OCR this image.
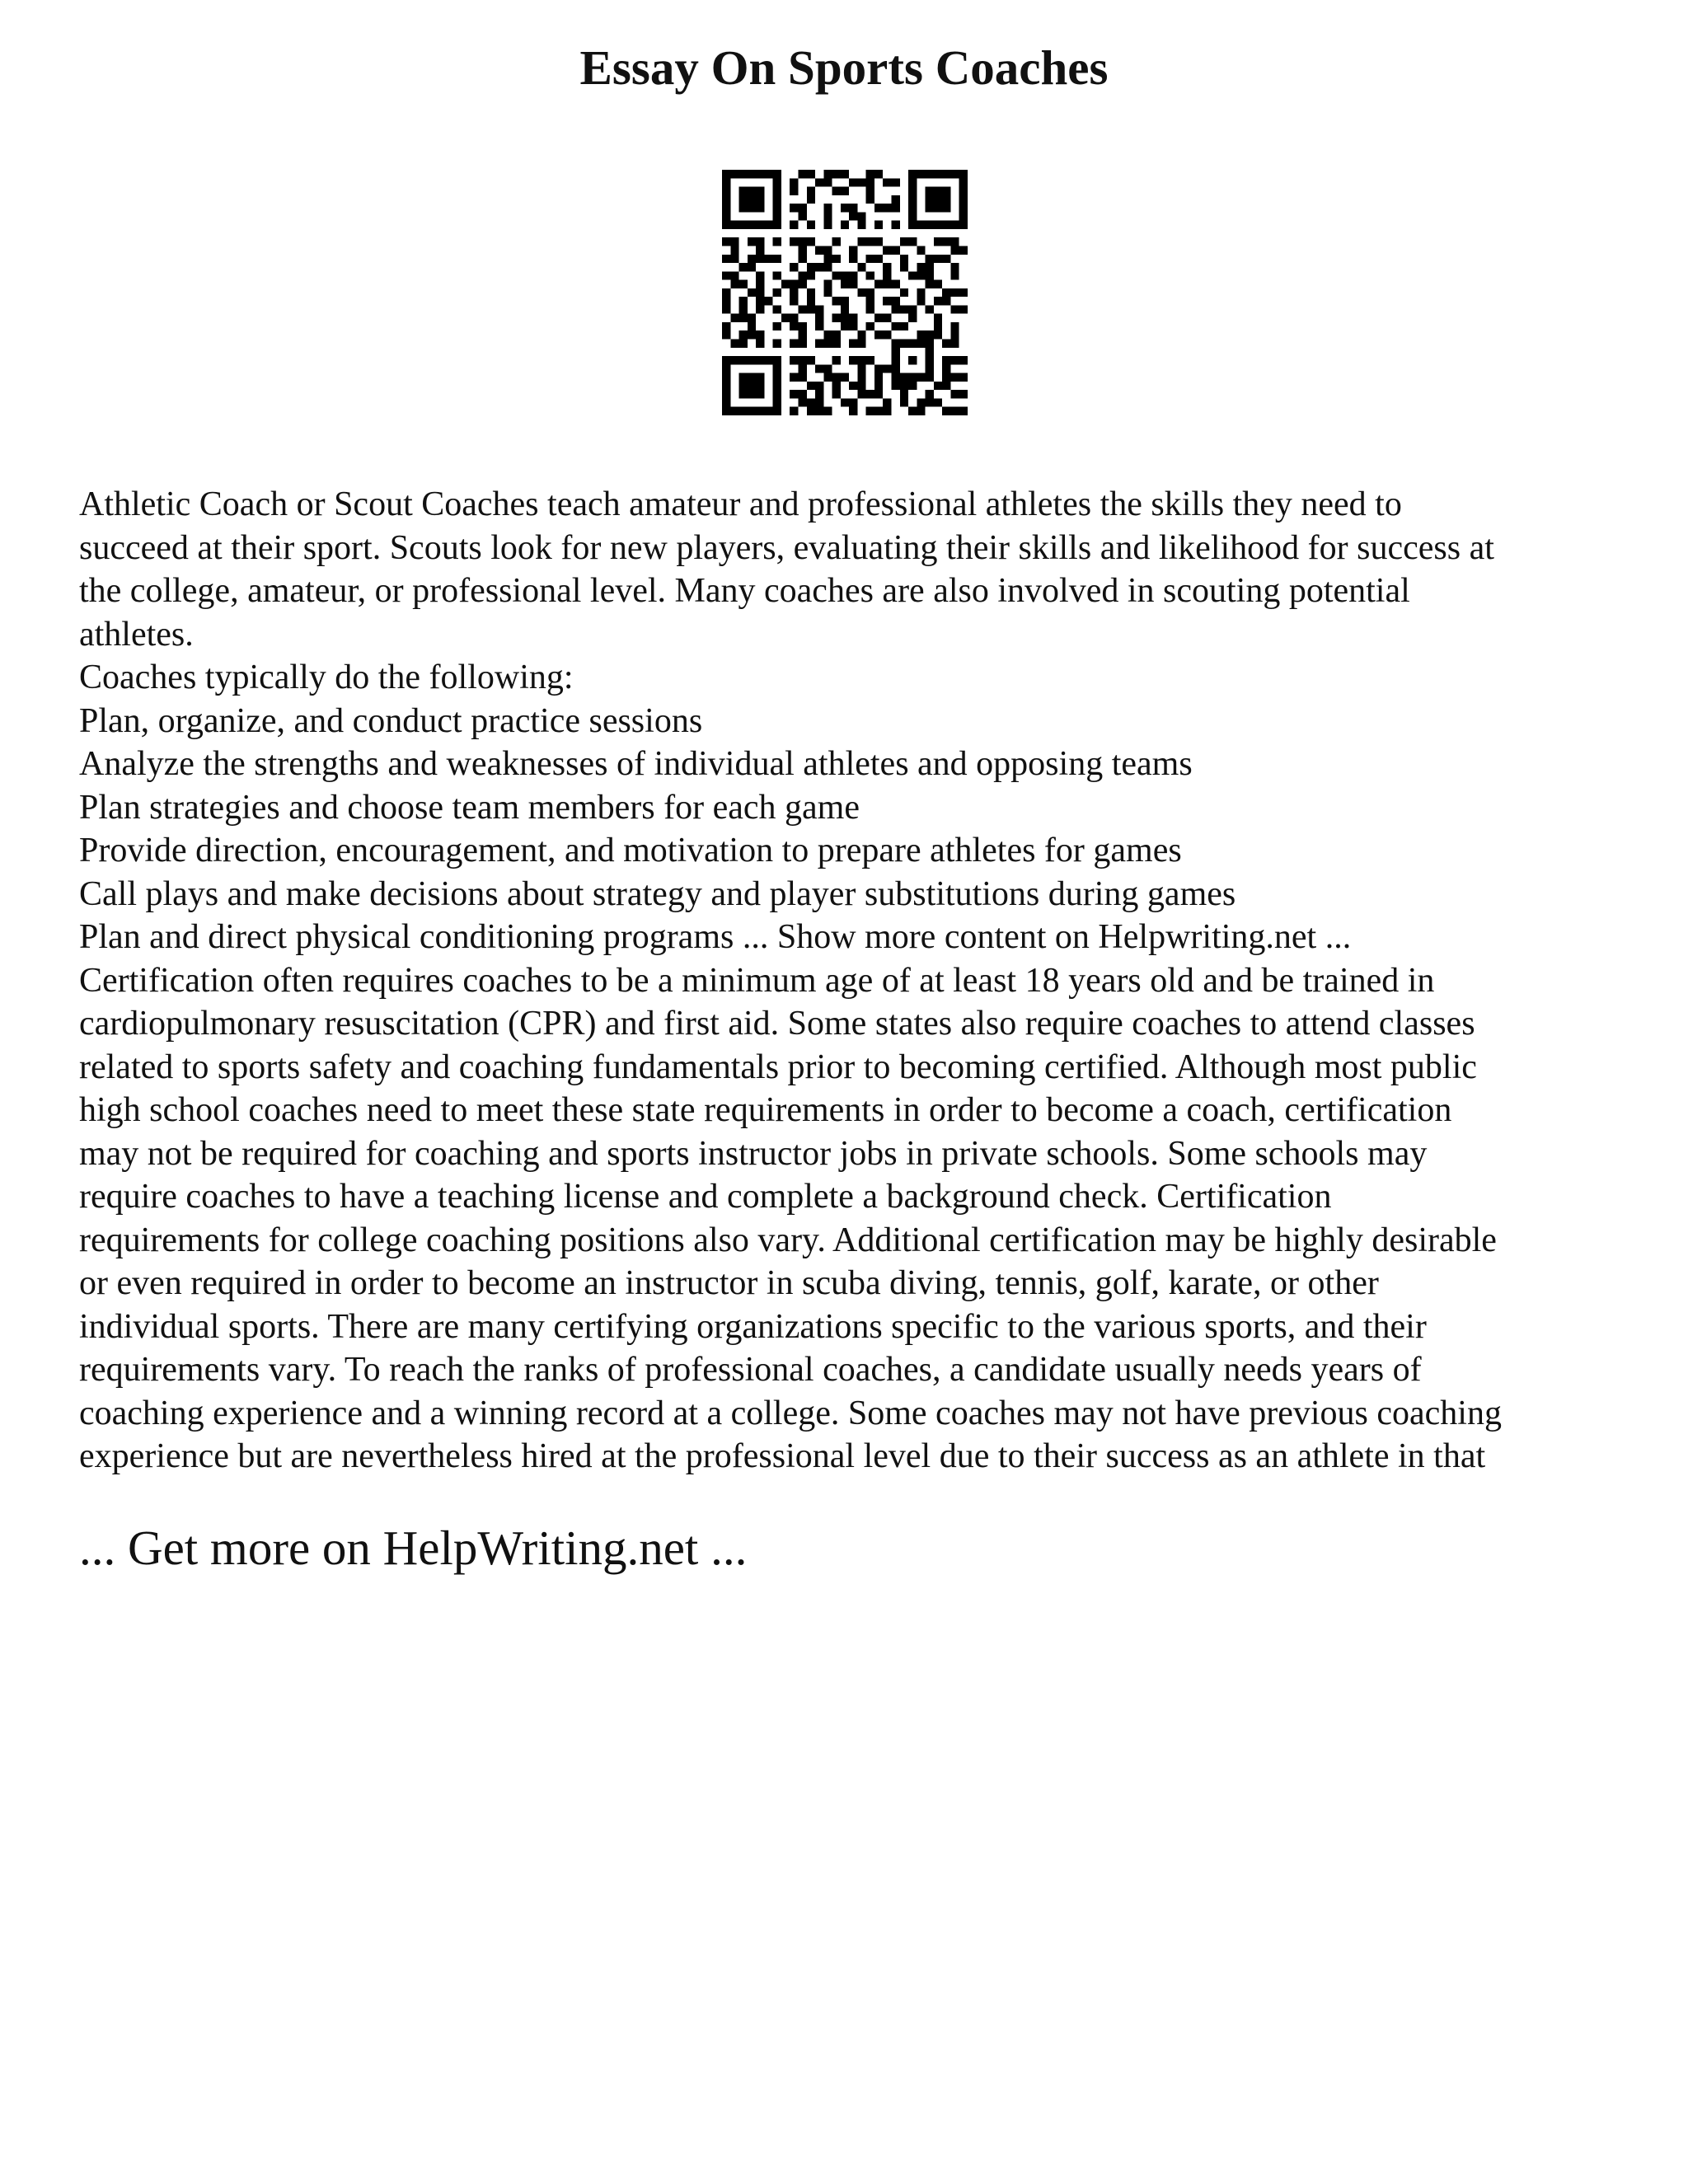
Essay On Sports Coaches
Athletic Coach or Scout Coaches teach amateur and professional athletes the skills they need to
succeed at their sport. Scouts look for new players, evaluating their skills and likelihood for success at
the college, amateur, or professional level. Many coaches are also involved in scouting potential
athletes.
Coaches typically do the following:
Plan, organize, and conduct practice sessions
Analyze the strengths and weaknesses of individual athletes and opposing teams
Plan strategies and choose team members for each game
Provide direction, encouragement, and motivation to prepare athletes for games
Call plays and make decisions about strategy and player substitutions during games
Plan and direct physical conditioning programs ... Show more content on Helpwriting.net ...
Certification often requires coaches to be a minimum age of at least 18 years old and be trained in
cardiopulmonary resuscitation (CPR) and first aid. Some states also require coaches to attend classes
related to sports safety and coaching fundamentals prior to becoming certified. Although most public
high school coaches need to meet these state requirements in order to become a coach, certification
may not be required for coaching and sports instructor jobs in private schools. Some schools may
require coaches to have a teaching license and complete a background check. Certification
requirements for college coaching positions also vary. Additional certification may be highly desirable
or even required in order to become an instructor in scuba diving, tennis, golf, karate, or other
individual sports. There are many certifying organizations specific to the various sports, and their
requirements vary. To reach the ranks of professional coaches, a candidate usually needs years of
coaching experience and a winning record at a college. Some coaches may not have previous coaching
experience but are nevertheless hired at the professional level due to their success as an athlete in that

... Get more on HelpWriting.net ...
